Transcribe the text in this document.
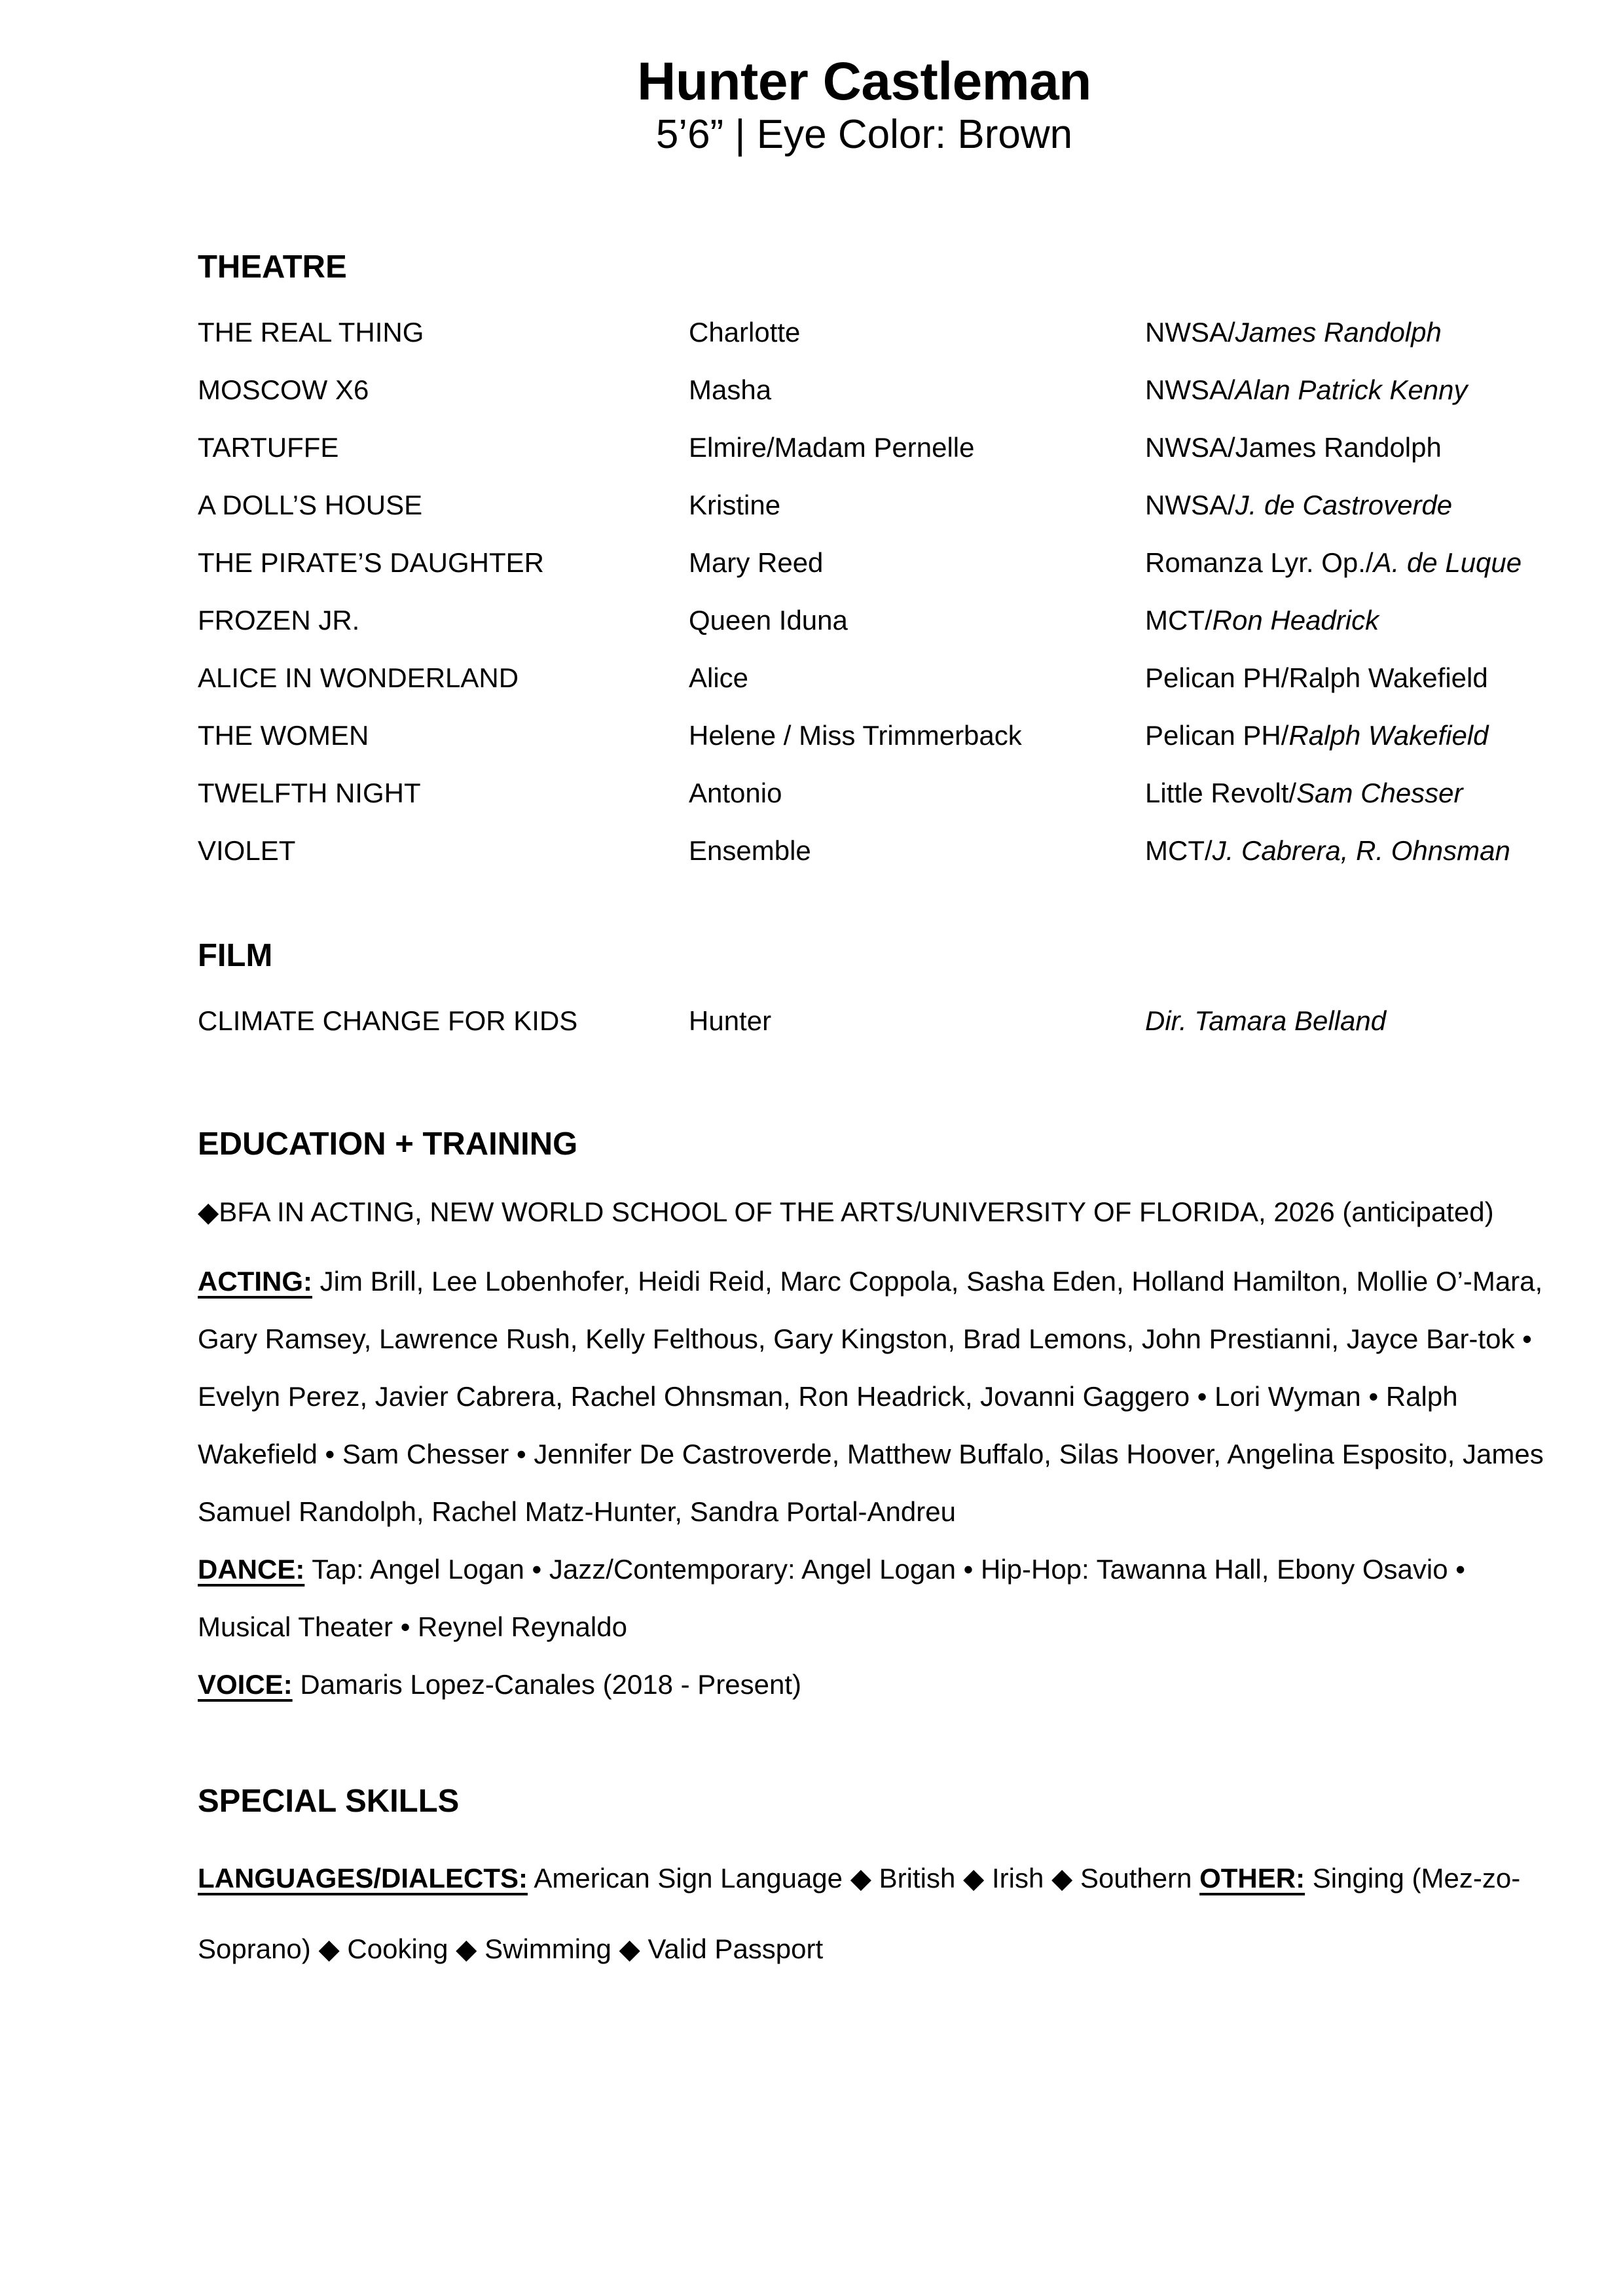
Hunter Castleman
5’6” | Eye Color: Brown
THEATRE
THE REAL THING	Charlotte	NWSA/James Randolph
MOSCOW X6	Masha	NWSA/Alan Patrick Kenny
TARTUFFE	Elmire/Madam Pernelle	NWSA/James Randolph
A DOLL’S HOUSE	Kristine	NWSA/J. de Castroverde
THE PIRATE’S DAUGHTER	Mary Reed	Romanza Lyr. Op./A. de Luque
FROZEN JR.	Queen Iduna	MCT/Ron Headrick
ALICE IN WONDERLAND	Alice	Pelican PH/Ralph Wakefield
THE WOMEN	Helene / Miss Trimmerback	Pelican PH/Ralph Wakefield
TWELFTH NIGHT	Antonio	Little Revolt/Sam Chesser
VIOLET	Ensemble	MCT/J. Cabrera, R. Ohnsman
FILM
CLIMATE CHANGE FOR KIDS	Hunter	Dir. Tamara Belland
EDUCATION + TRAINING

◆BFA IN ACTING, NEW WORLD SCHOOL OF THE ARTS/UNIVERSITY OF FLORIDA, 2026 (anticipated)

ACTING: Jim Brill, Lee Lobenhofer, Heidi Reid, Marc Coppola, Sasha Eden, Holland Hamilton, Mollie O’-Mara, Gary Ramsey, Lawrence Rush, Kelly Felthous, Gary Kingston, Brad Lemons, John Prestianni, Jayce Bar-tok • Evelyn Perez, Javier Cabrera, Rachel Ohnsman, Ron Headrick, Jovanni Gaggero • Lori Wyman • Ralph Wakefield • Sam Chesser • Jennifer De Castroverde, Matthew Buffalo, Silas Hoover, Angelina Esposito, James Samuel Randolph, Rachel Matz-Hunter, Sandra Portal-Andreu

DANCE: Tap: Angel Logan • Jazz/Contemporary: Angel Logan • Hip-Hop: Tawanna Hall, Ebony Osavio • Musical Theater • Reynel Reynaldo

VOICE: Damaris Lopez-Canales (2018 - Present)

SPECIAL SKILLS

LANGUAGES/DIALECTS: American Sign Language ◆ British ◆ Irish ◆ Southern OTHER: Singing (Mez-zo-Soprano) ◆ Cooking ◆ Swimming ◆ Valid Passport
